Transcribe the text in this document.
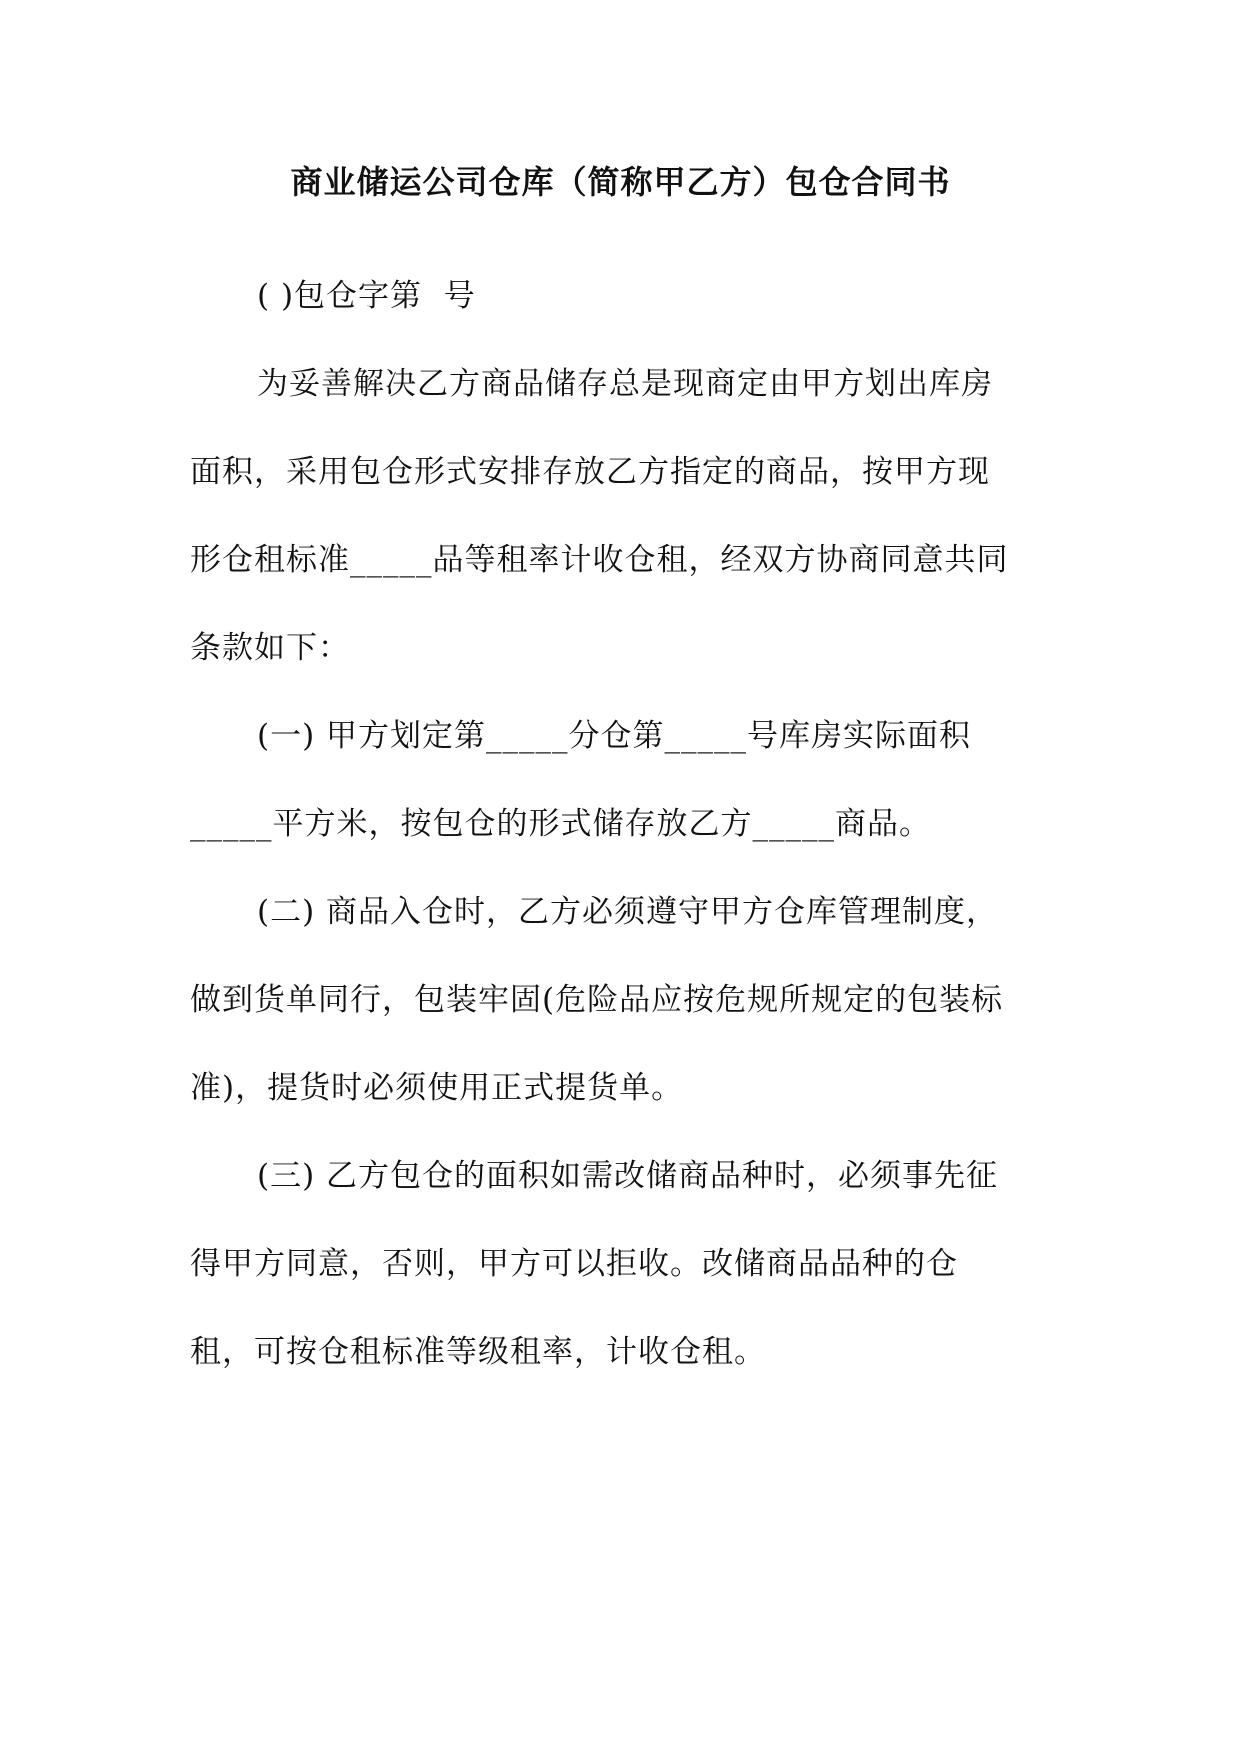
商业储运公司仓库（简称甲乙方）包仓合同书
( )包仓字第  号
为妥善解决乙方商品储存总是现商定由甲方划出库房
面积，采用包仓形式安排存放乙方指定的商品，按甲方现
形仓租标准_____品等租率计收仓租，经双方协商同意共同
条款如下：
(一) 甲方划定第_____分仓第_____号库房实际面积
_____平方米，按包仓的形式储存放乙方_____商品。
(二) 商品入仓时，乙方必须遵守甲方仓库管理制度，
做到货单同行，包装牢固(危险品应按危规所规定的包装标
准)，提货时必须使用正式提货单。
(三) 乙方包仓的面积如需改储商品种时，必须事先征
得甲方同意，否则，甲方可以拒收。改储商品品种的仓
租，可按仓租标准等级租率，计收仓租。
